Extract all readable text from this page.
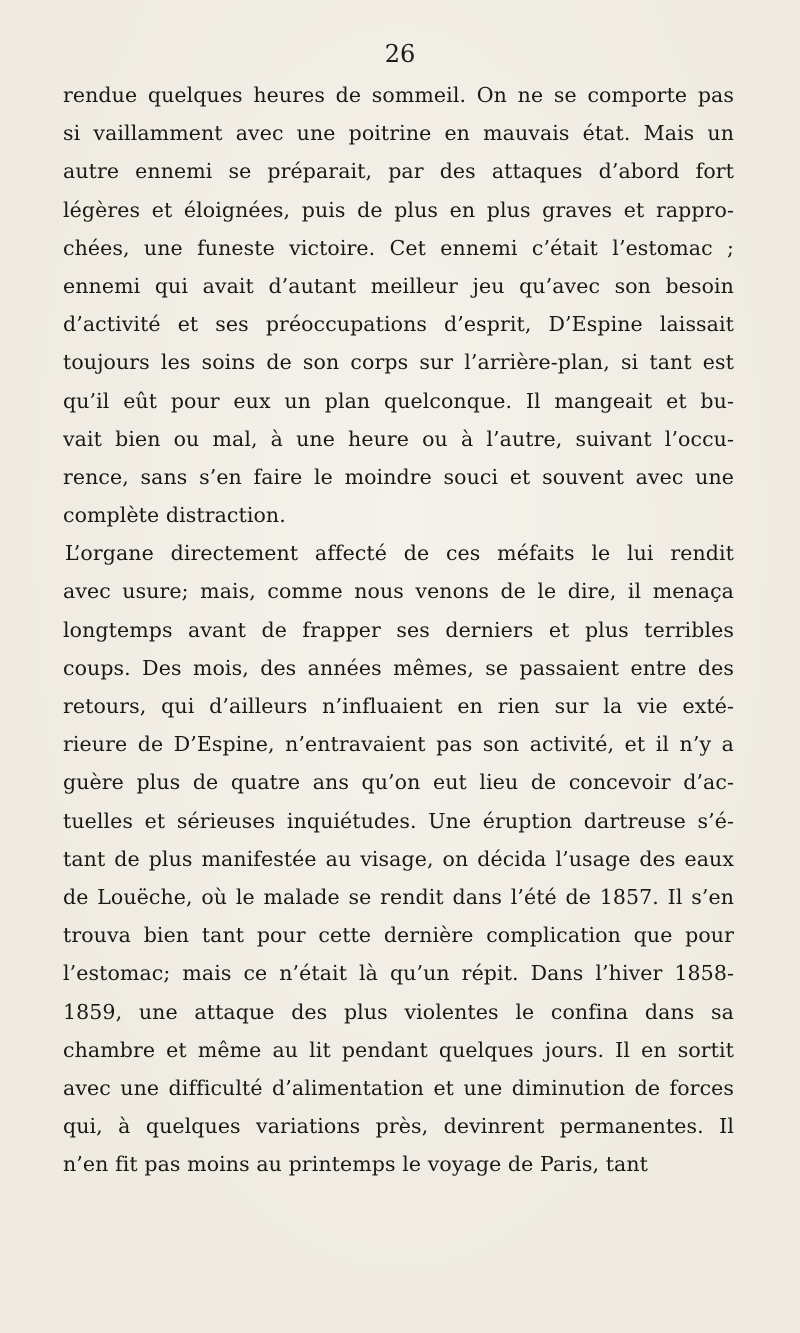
26
rendue quelques heures de sommeil. On ne se comporte pas
si vaillamment avec une poitrine en mauvais état. Mais un
autre ennemi se préparait, par des attaques d’abord fort
légères et éloignées, puis de plus en plus graves et rappro-
chées, une funeste victoire. Cet ennemi c’était l’estomac ;
ennemi qui avait d’autant meilleur jeu qu’avec son besoin
d’activité et ses préoccupations d’esprit, D’Espine laissait
toujours les soins de son corps sur l’arrière-plan, si tant est
qu’il eût pour eux un plan quelconque. Il mangeait et bu-
vait bien ou mal, à une heure ou à l’autre, suivant l’occu-
rence, sans s’en faire le moindre souci et souvent avec une
complète distraction.
L’organe directement affecté de ces méfaits le lui rendit
avec usure; mais, comme nous venons de le dire, il menaça
longtemps avant de frapper ses derniers et plus terribles
coups. Des mois, des années mêmes, se passaient entre des
retours, qui d’ailleurs n’influaient en rien sur la vie exté-
rieure de D’Espine, n’entravaient pas son activité, et il n’y a
guère plus de quatre ans qu’on eut lieu de concevoir d’ac-
tuelles et sérieuses inquiétudes. Une éruption dartreuse s’é-
tant de plus manifestée au visage, on décida l’usage des eaux
de Louëche, où le malade se rendit dans l’été de 1857. Il s’en
trouva bien tant pour cette dernière complication que pour
l’estomac; mais ce n’était là qu’un répit. Dans l’hiver 1858-
1859, une attaque des plus violentes le confina dans sa
chambre et même au lit pendant quelques jours. Il en sortit
avec une difficulté d’alimentation et une diminution de forces
qui, à quelques variations près, devinrent permanentes. Il
n’en fit pas moins au printemps le voyage de Paris, tant
